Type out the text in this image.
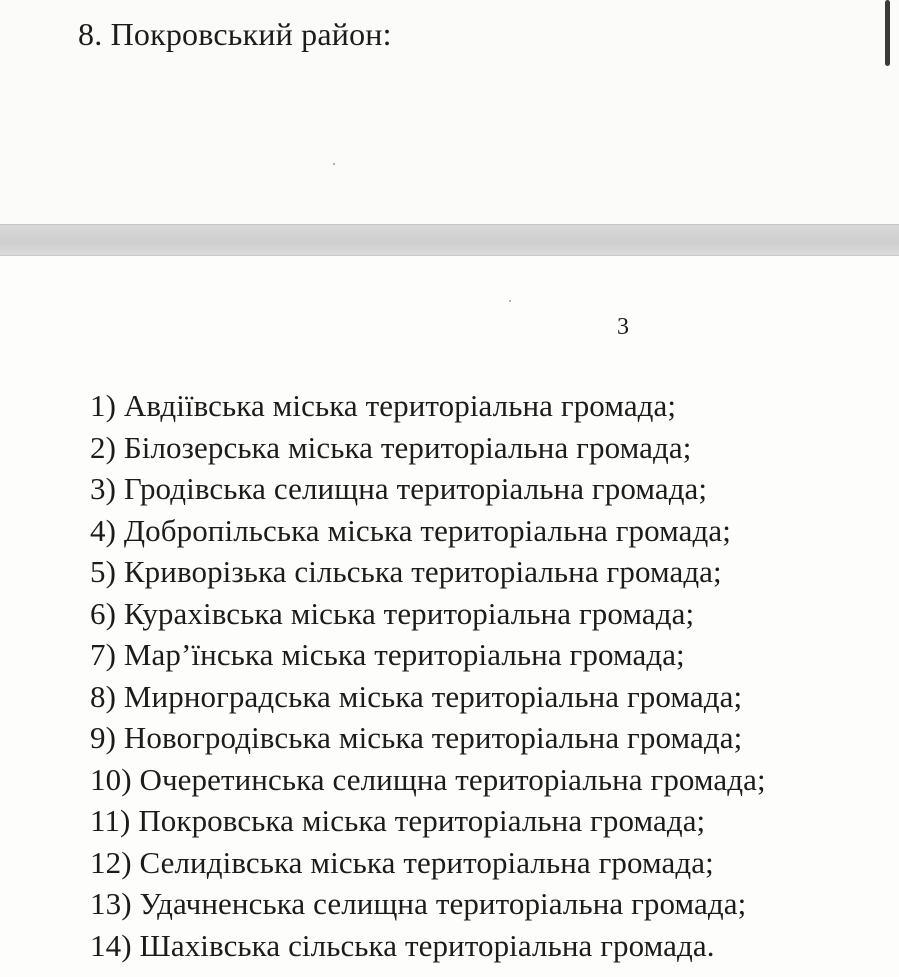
8. Покровський район:
3
1) Авдіївська міська територіальна громада;
2) Білозерська міська територіальна громада;
3) Гродівська селищна територіальна громада;
4) Добропільська міська територіальна громада;
5) Криворізька сільська територіальна громада;
6) Курахівська міська територіальна громада;
7) Мар’їнська міська територіальна громада;
8) Мирноградська міська територіальна громада;
9) Новогродівська міська територіальна громада;
10) Очеретинська селищна територіальна громада;
11) Покровська міська територіальна громада;
12) Селидівська міська територіальна громада;
13) Удачненська селищна територіальна громада;
14) Шахівська сільська територіальна громада.
